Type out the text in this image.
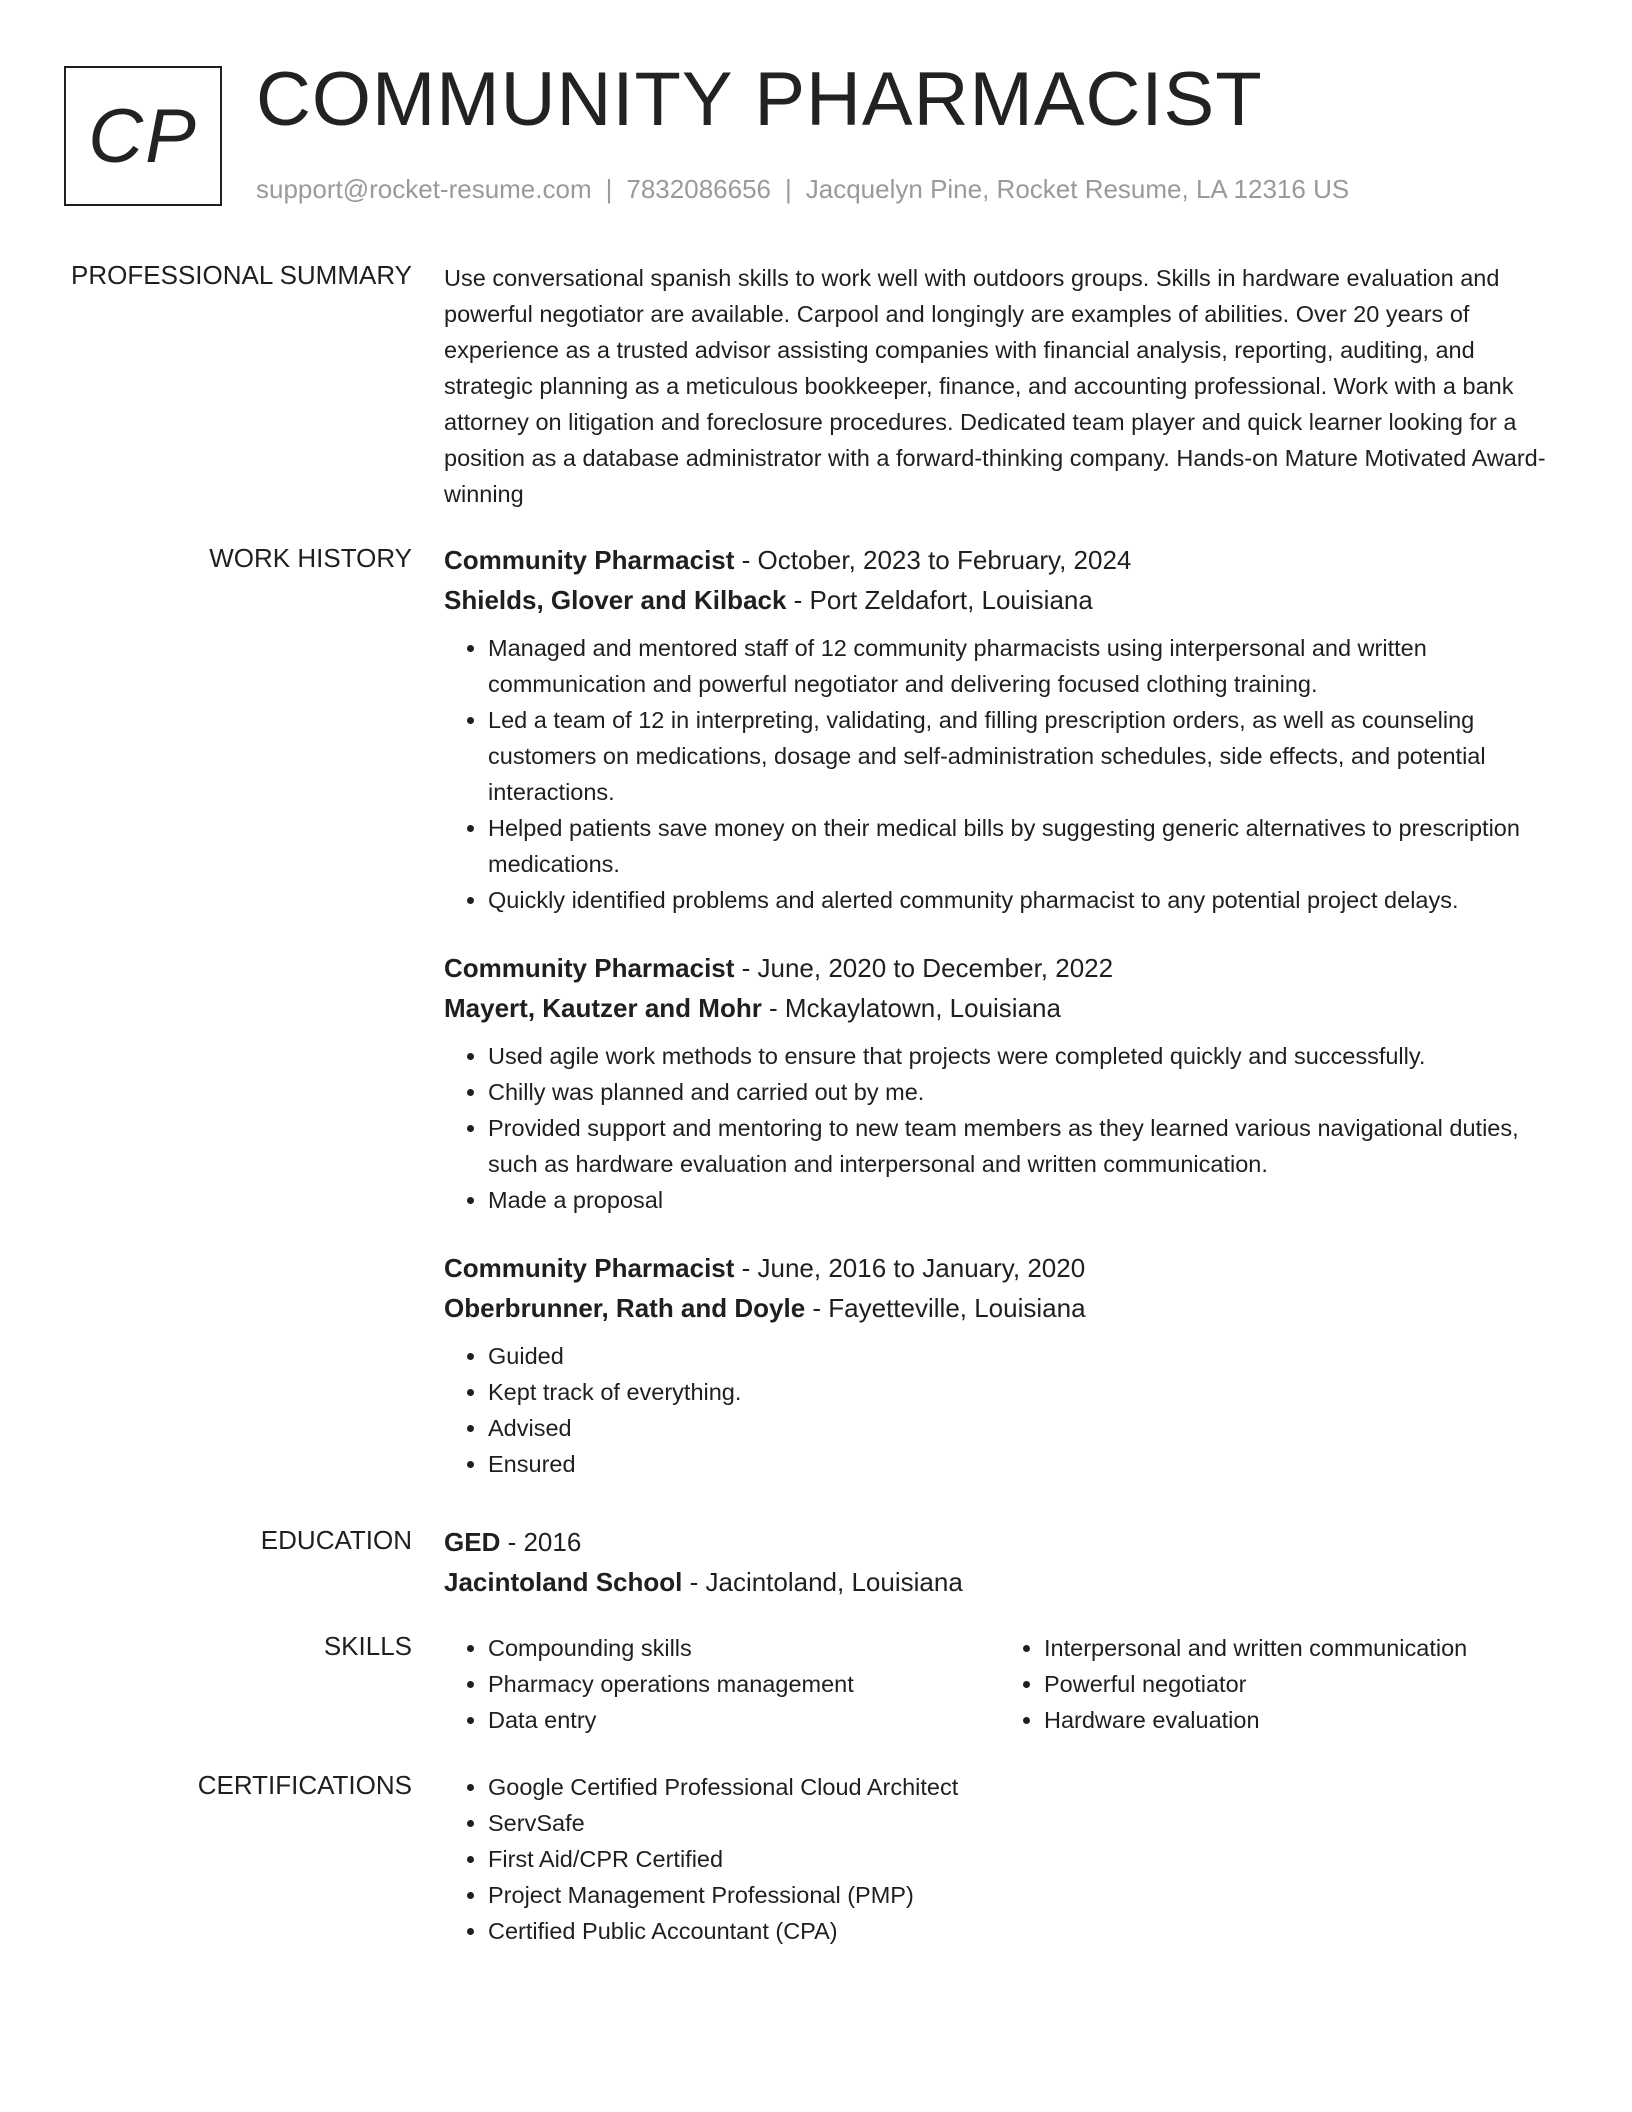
CP COMMUNITY PHARMACIST
support@rocket-resume.com | 7832086656 | Jacquelyn Pine, Rocket Resume, LA 12316 US
PROFESSIONAL SUMMARY Use conversational spanish skills to work well with outdoors groups. Skills in hardware evaluation and powerful negotiator are available. Carpool and longingly are examples of abilities. Over 20 years of experience as a trusted advisor assisting companies with financial analysis, reporting, auditing, and strategic planning as a meticulous bookkeeper, finance, and accounting professional. Work with a bank attorney on litigation and foreclosure procedures. Dedicated team player and quick learner looking for a position as a database administrator with a forward-thinking company. Hands-on Mature Motivated Award-winning

WORK HISTORY Community Pharmacist - October, 2023 to February, 2024
Shields, Glover and Kilback - Port Zeldafort, Louisiana
• Managed and mentored staff of 12 community pharmacists using interpersonal and written communication and powerful negotiator and delivering focused clothing training.
• Led a team of 12 in interpreting, validating, and filling prescription orders, as well as counseling customers on medications, dosage and self-administration schedules, side effects, and potential interactions.
• Helped patients save money on their medical bills by suggesting generic alternatives to prescription medications.
• Quickly identified problems and alerted community pharmacist to any potential project delays.
Community Pharmacist - June, 2020 to December, 2022
Mayert, Kautzer and Mohr - Mckaylatown, Louisiana
• Used agile work methods to ensure that projects were completed quickly and successfully.
• Chilly was planned and carried out by me.
• Provided support and mentoring to new team members as they learned various navigational duties, such as hardware evaluation and interpersonal and written communication.
• Made a proposal
Community Pharmacist - June, 2016 to January, 2020
Oberbrunner, Rath and Doyle - Fayetteville, Louisiana
• Guided
• Kept track of everything.
• Advised
• Ensured
EDUCATION GED - 2016
Jacintoland School - Jacintoland, Louisiana
SKILLS	• Compounding skills
• Pharmacy operations management
• Data entry
• Interpersonal and written communication
• Powerful negotiator
• Hardware evaluation
CERTIFICATIONS	• Google Certified Professional Cloud Architect
• ServSafe
• First Aid/CPR Certified
• Project Management Professional (PMP)
• Certified Public Accountant (CPA)
